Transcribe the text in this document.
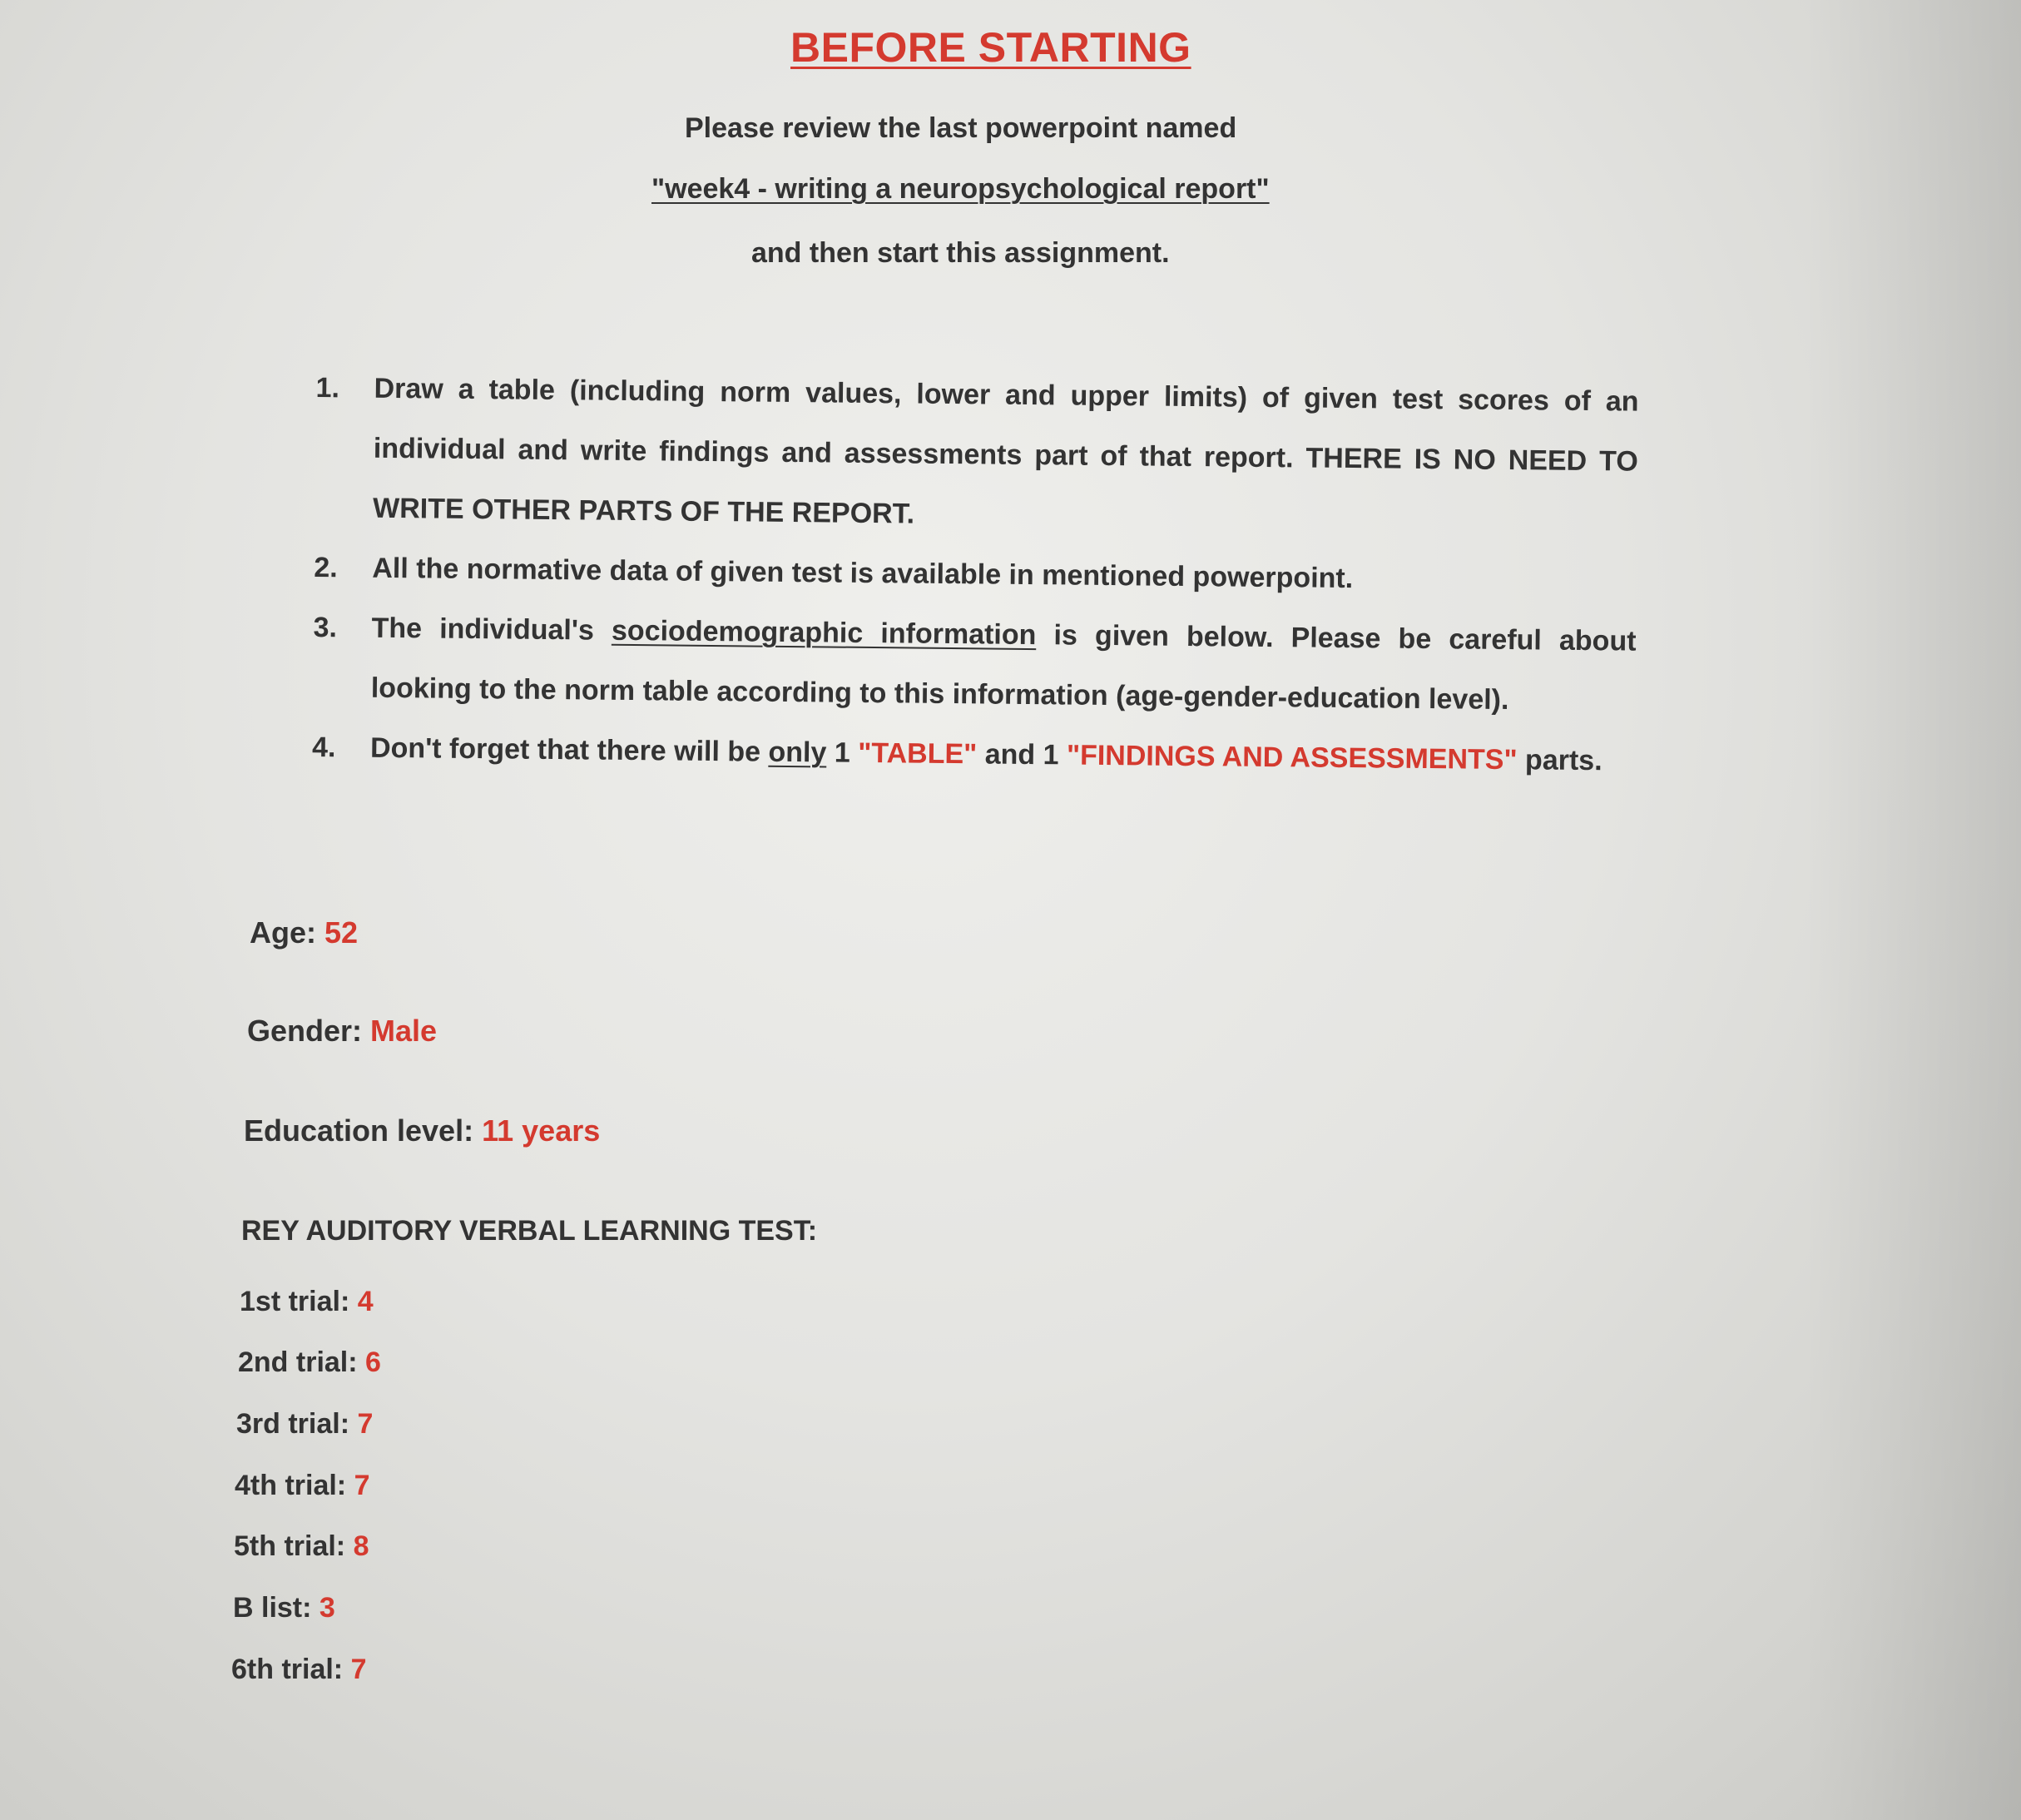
BEFORE STARTING
Please review the last powerpoint named
"week4 - writing a neuropsychological report"
and then start this assignment.
1.	Draw a table (including norm values, lower and upper limits) of given test scores of an individual and write findings and assessments part of that report. THERE IS NO NEED TO WRITE OTHER PARTS OF THE REPORT.
2.	All the normative data of given test is available in mentioned powerpoint.
3.	The individual's sociodemographic information is given below. Please be careful about looking to the norm table according to this information (age-gender-education level).
4.	Don't forget that there will be only 1 "TABLE" and 1 "FINDINGS AND ASSESSMENTS" parts.
Age: 52
Gender: Male
Education level: 11 years
REY AUDITORY VERBAL LEARNING TEST:
1st trial: 4
2nd trial: 6
3rd trial: 7
4th trial: 7
5th trial: 8
B list: 3
6th trial: 7
